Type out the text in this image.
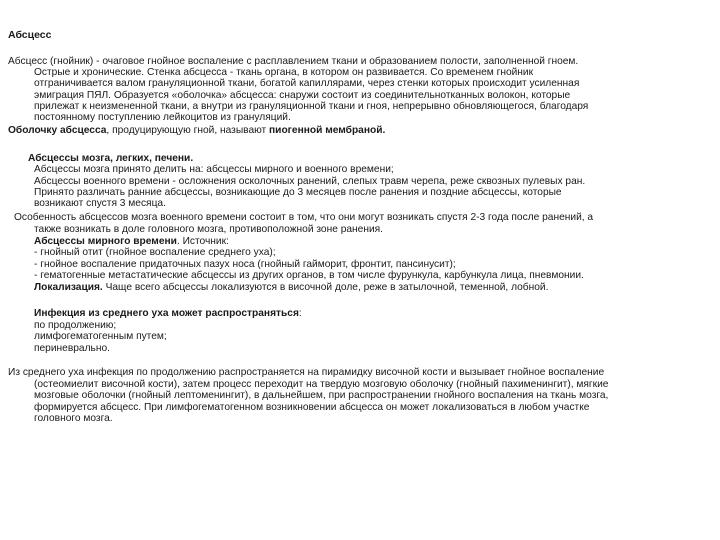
Абсцесс
Абсцесс (гнойник) - очаговое гнойное воспаление с расплавлением ткани и образованием полости, заполненной гноем.
Острые и хронические. Стенка абсцесса - ткань органа, в котором он развивается. Со временем гнойник
отграничивается валом грануляционной ткани, богатой капиллярами, через стенки которых происходит усиленная
эмиграция ПЯЛ. Образуется «оболочка» абсцесса: снаружи состоит из соединительнотканных волокон, которые
прилежат к неизмененной ткани, а внутри из грануляционной ткани и гноя, непрерывно обновляющегося, благодаря
постоянному поступлению лейкоцитов из грануляций.
Оболочку абсцесса, продуцирующую гной, называют пиогенной мембраной.
Абсцессы мозга, легких, печени.
Абсцессы мозга принято делить на: абсцессы мирного и военного времени;
Абсцессы военного времени - осложнения осколочных ранений, слепых травм черепа, реже сквозных пулевых ран.
Принято различать ранние абсцессы, возникающие до 3 месяцев после ранения и поздние абсцессы, которые
возникают спустя 3 месяца.
Особенность абсцессов мозга военного времени состоит в том, что они могут возникать спустя 2-3 года после ранений, а
также возникать в доле головного мозга, противоположной зоне ранения.
Абсцессы мирного времени. Источник:
- гнойный отит (гнойное воспаление среднего уха);
- гнойное воспаление придаточных пазух носа (гнойный гайморит, фронтит, пансинусит);
- гематогенные метастатические абсцессы из других органов, в том числе фурункула, карбункула лица, пневмонии.
Локализация. Чаще всего абсцессы локализуются в височной доле, реже в затылочной, теменной, лобной.
Инфекция из среднего уха может распространяться:
по продолжению;
лимфогематогенным путем;
периневрально.
Из среднего уха инфекция по продолжению распространяется на пирамидку височной кости и вызывает гнойное воспаление
(остеомиелит височной кости), затем процесс переходит на твердую мозговую оболочку (гнойный пахименингит), мягкие
мозговые оболочки (гнойный лептоменингит), в дальнейшем, при распространении гнойного воспаления на ткань мозга,
формируется абсцесс. При лимфогематогенном возникновении абсцесса он может локализоваться в любом участке
головного мозга.
